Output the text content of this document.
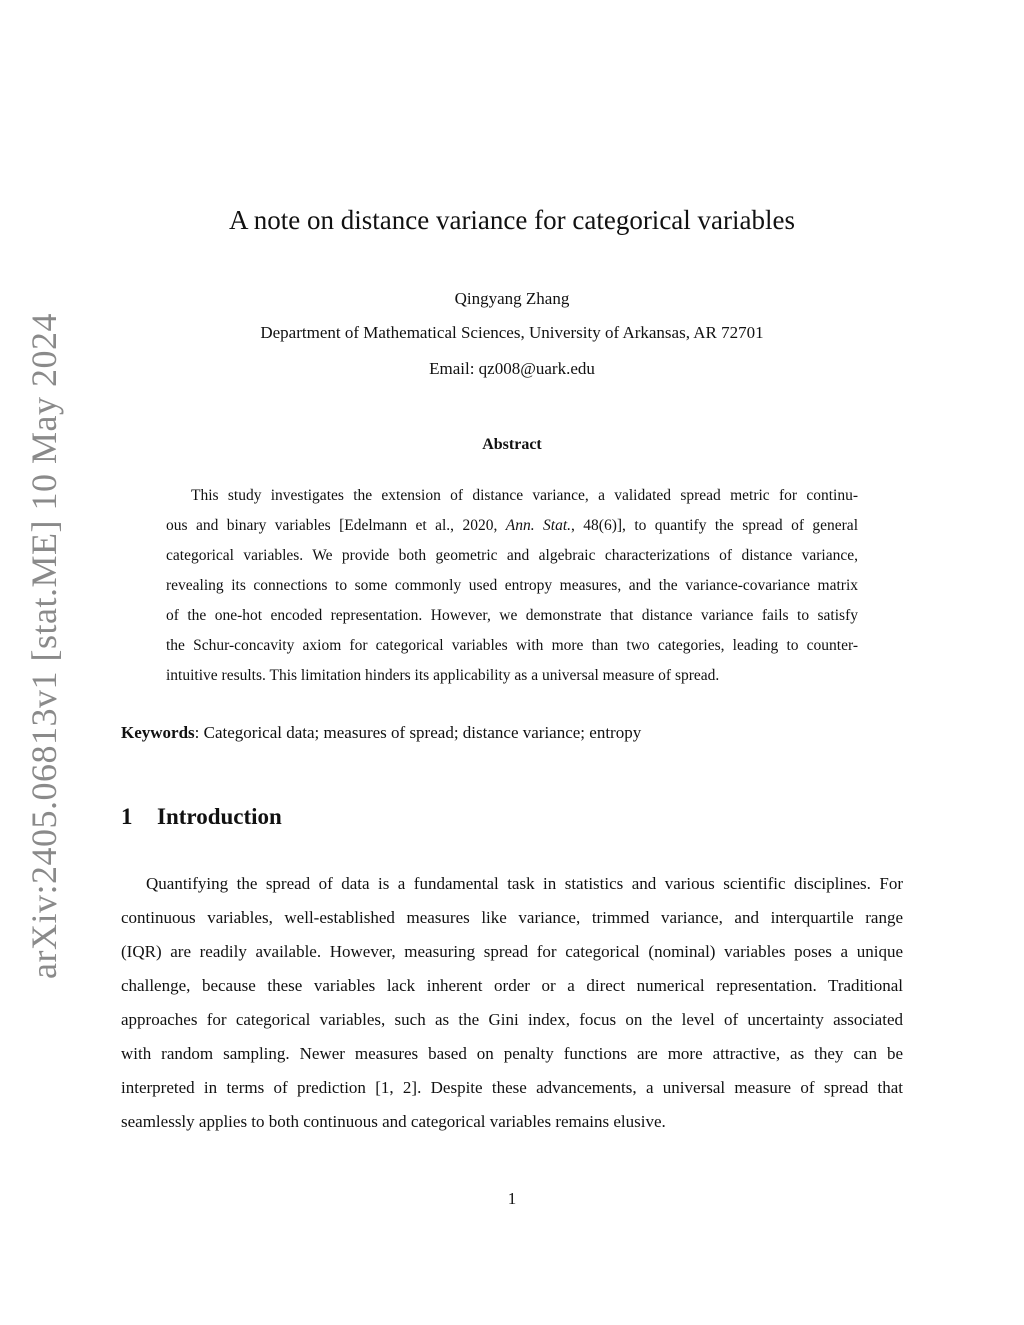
arXiv:2405.06813v1 [stat.ME] 10 May 2024
A note on distance variance for categorical variables
Qingyang Zhang
Department of Mathematical Sciences, University of Arkansas, AR 72701
Email: qz008@uark.edu
Abstract
This study investigates the extension of distance variance, a validated spread metric for continu-
ous and binary variables [Edelmann et al., 2020, Ann. Stat., 48(6)], to quantify the spread of general
categorical variables. We provide both geometric and algebraic characterizations of distance variance,
revealing its connections to some commonly used entropy measures, and the variance-covariance matrix
of the one-hot encoded representation. However, we demonstrate that distance variance fails to satisfy
the Schur-concavity axiom for categorical variables with more than two categories, leading to counter-
intuitive results. This limitation hinders its applicability as a universal measure of spread.
Keywords: Categorical data; measures of spread; distance variance; entropy
1 Introduction
Quantifying the spread of data is a fundamental task in statistics and various scientific disciplines. For
continuous variables, well-established measures like variance, trimmed variance, and interquartile range
(IQR) are readily available. However, measuring spread for categorical (nominal) variables poses a unique
challenge, because these variables lack inherent order or a direct numerical representation. Traditional
approaches for categorical variables, such as the Gini index, focus on the level of uncertainty associated
with random sampling. Newer measures based on penalty functions are more attractive, as they can be
interpreted in terms of prediction [1, 2]. Despite these advancements, a universal measure of spread that
seamlessly applies to both continuous and categorical variables remains elusive.
1
